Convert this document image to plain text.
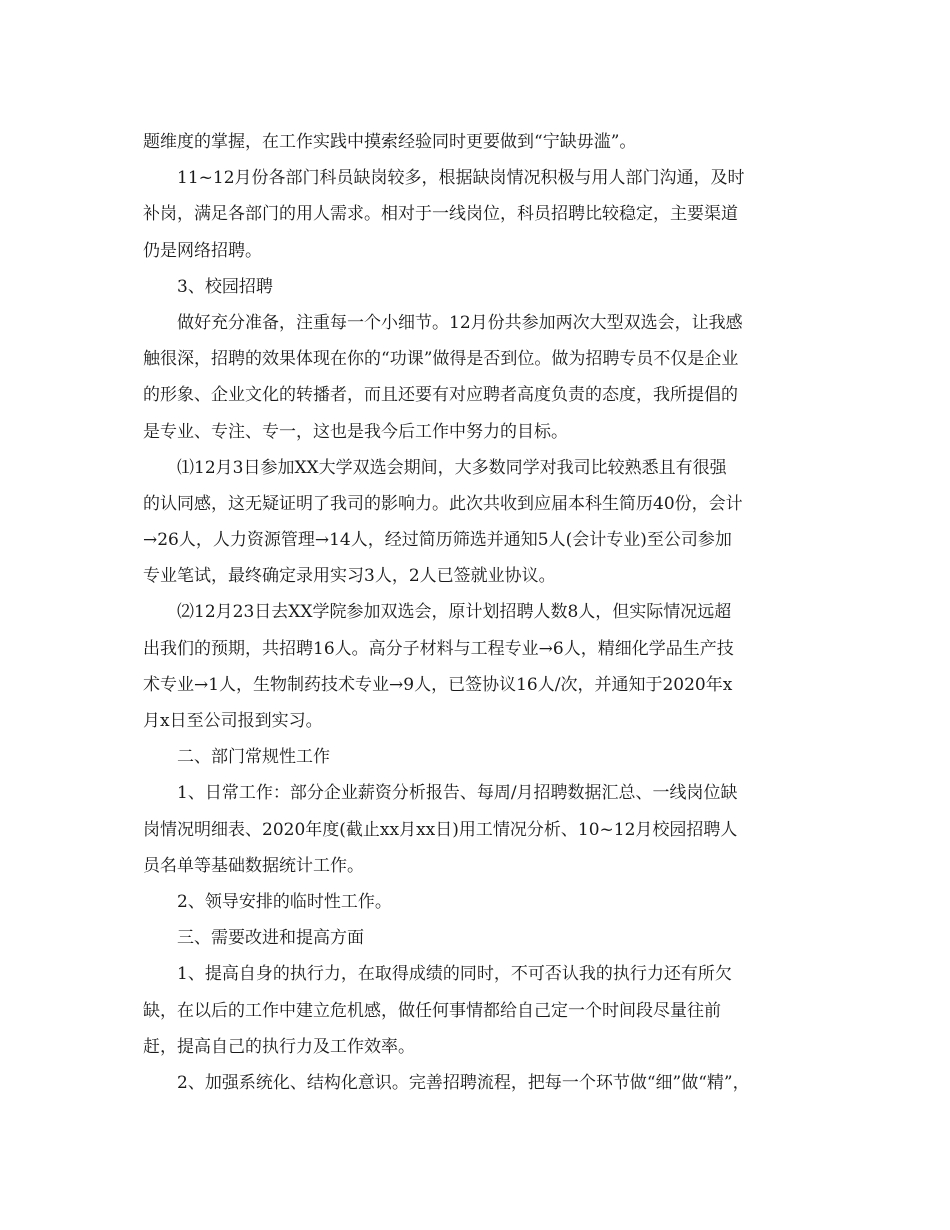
题维度的掌握，在工作实践中摸索经验同时更要做到“宁缺毋滥”。
11~12月份各部门科员缺岗较多，根据缺岗情况积极与用人部门沟通，及时
补岗，满足各部门的用人需求。相对于一线岗位，科员招聘比较稳定，主要渠道
仍是网络招聘。
3、校园招聘
做好充分准备，注重每一个小细节。12月份共参加两次大型双选会，让我感
触很深，招聘的效果体现在你的“功课”做得是否到位。做为招聘专员不仅是企业
的形象、企业文化的转播者，而且还要有对应聘者高度负责的态度，我所提倡的
是专业、专注、专一，这也是我今后工作中努力的目标。
⑴12月3日参加XX大学双选会期间，大多数同学对我司比较熟悉且有很强
的认同感，这无疑证明了我司的影响力。此次共收到应届本科生简历40份，会计
→26人，人力资源管理→14人，经过简历筛选并通知5人(会计专业)至公司参加
专业笔试，最终确定录用实习3人，2人已签就业协议。
⑵12月23日去XX学院参加双选会，原计划招聘人数8人，但实际情况远超
出我们的预期，共招聘16人。高分子材料与工程专业→6人，精细化学品生产技
术专业→1人，生物制药技术专业→9人，已签协议16人/次，并通知于2020年x
月x日至公司报到实习。
二、部门常规性工作
1、日常工作：部分企业薪资分析报告、每周/月招聘数据汇总、一线岗位缺
岗情况明细表、2020年度(截止xx月xx日)用工情况分析、10~12月校园招聘人
员名单等基础数据统计工作。
2、领导安排的临时性工作。
三、需要改进和提高方面
1、提高自身的执行力，在取得成绩的同时，不可否认我的执行力还有所欠
缺，在以后的工作中建立危机感，做任何事情都给自己定一个时间段尽量往前
赶，提高自己的执行力及工作效率。
2、加强系统化、结构化意识。完善招聘流程，把每一个环节做“细”做“精”，
